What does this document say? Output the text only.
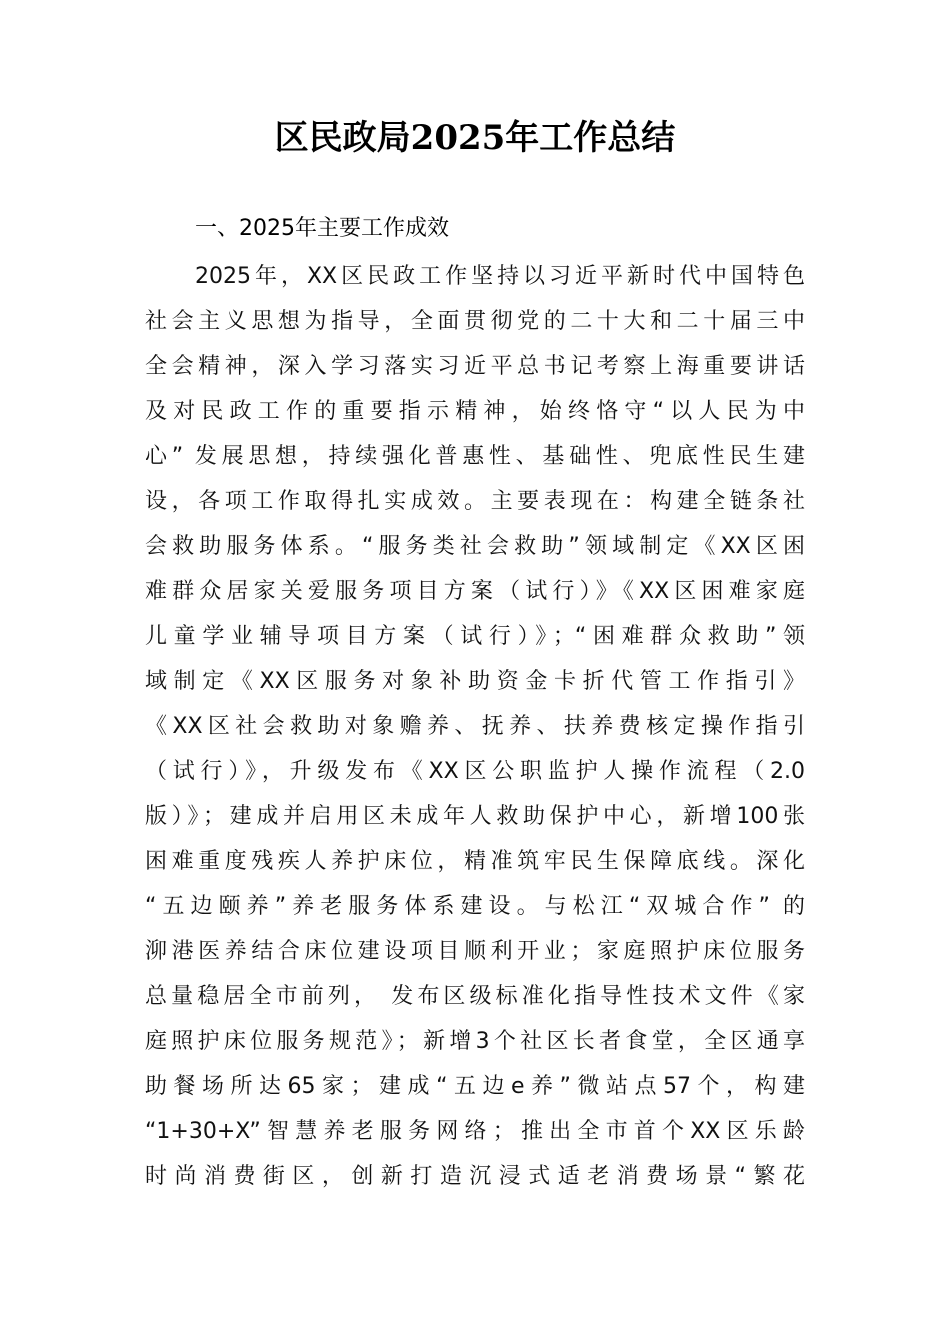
区民政局2025年工作总结
一、2025年主要工作成效
2025年，XX区民政工作坚持以习近平新时代中国特色
社会主义思想为指导，全面贯彻党的二十大和二十届三中
全会精神，深入学习落实习近平总书记考察上海重要讲话
及对民政工作的重要指示精神，始终恪守“以人民为中
心” 发展思想，持续强化普惠性、基础性、兜底性民生建
设，各项工作取得扎实成效。主要表现在：构建全链条社
会救助服务体系。“服务类社会救助”领域制定《XX区困
难群众居家关爱服务项目方案（试行）》《XX区困难家庭
儿童学业辅导项目方案（试行）》；“困难群众救助”领
域制定《XX区服务对象补助资金卡折代管工作指引》
《XX区社会救助对象赡养、抚养、扶养费核定操作指引
（试行）》，升级发布《XX区公职监护人操作流程（2.0
版）》；建成并启用区未成年人救助保护中心，新增100张
困难重度残疾人养护床位，精准筑牢民生保障底线。深化
“五边颐养”养老服务体系建设。与松江“双城合作” 的
泖港医养结合床位建设项目顺利开业；家庭照护床位服务
总量稳居全市前列， 发布区级标准化指导性技术文件《家
庭照护床位服务规范》；新增3个社区长者食堂，全区通享
助餐场所达65家；建成“五边e养”微站点57个，构建
“1+30+X”智慧养老服务网络；推出全市首个XX区乐龄
时尚消费街区，创新打造沉浸式适老消费场景“繁花
